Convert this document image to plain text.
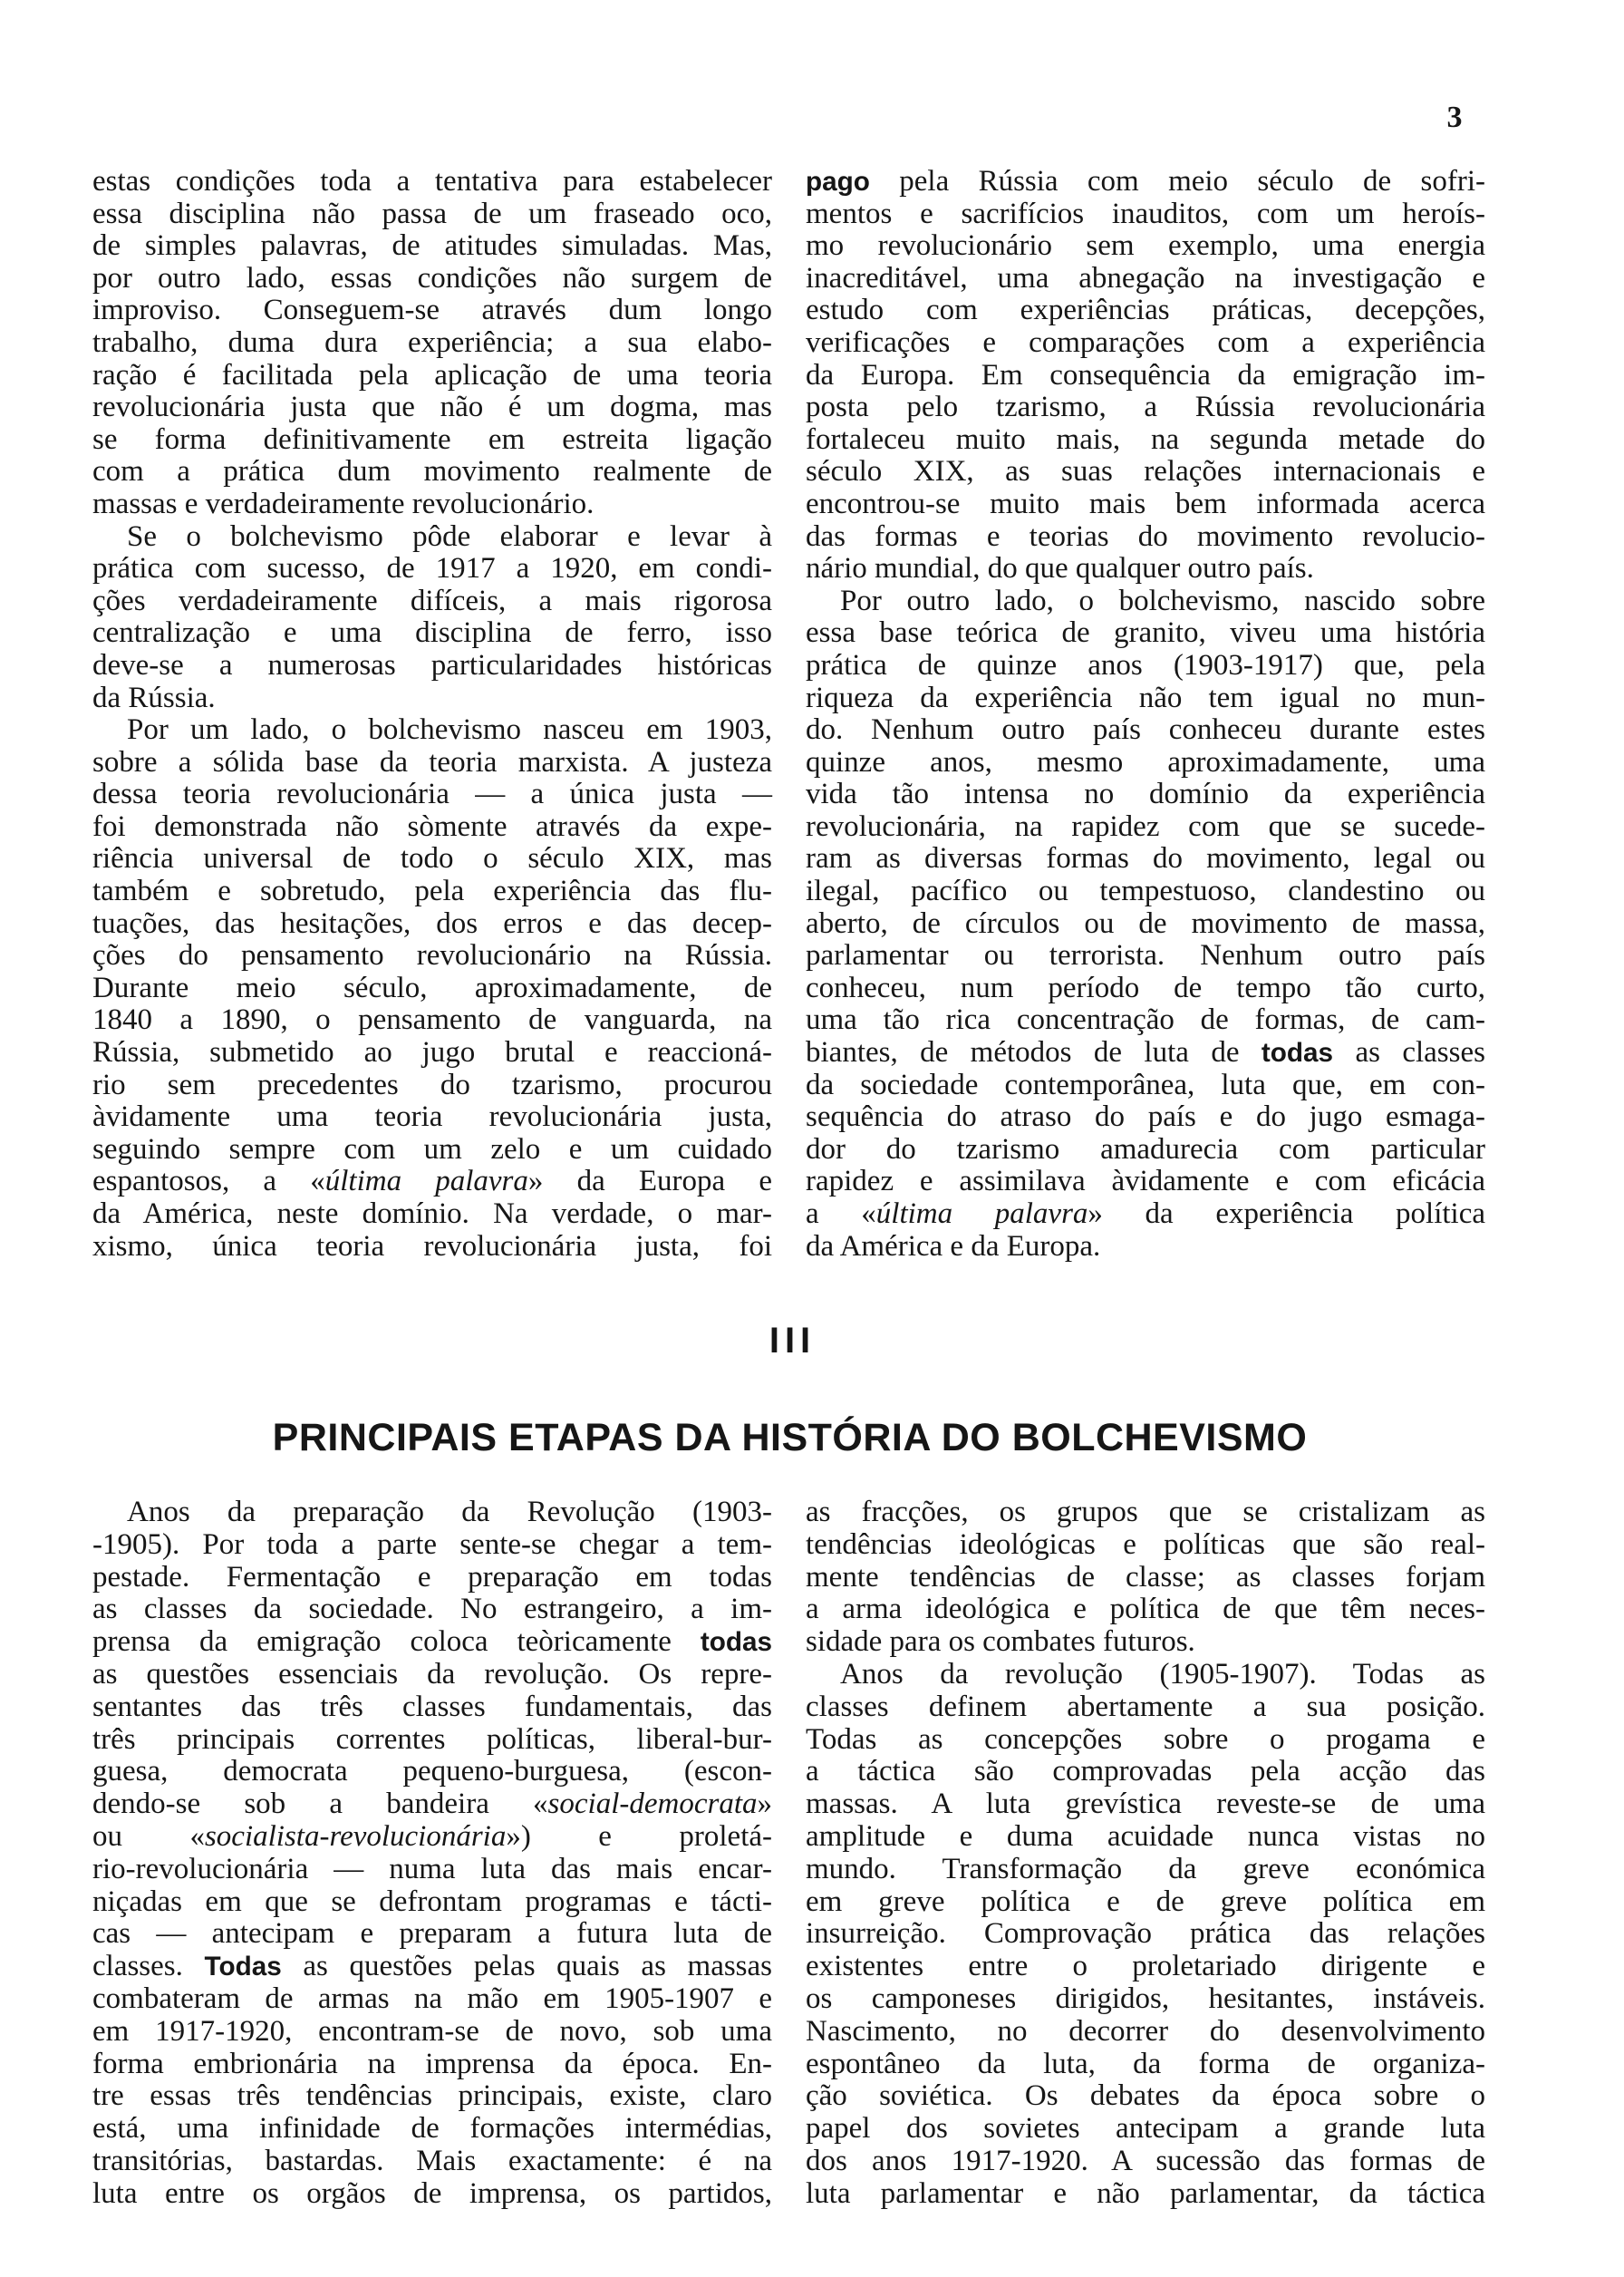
3
estas condições toda a tentativa para estabelecer
essa disciplina não passa de um fraseado oco,
de simples palavras, de atitudes simuladas. Mas,
por outro lado, essas condições não surgem de
improviso. Conseguem-se através dum longo
trabalho, duma dura experiência; a sua elabo-
ração é facilitada pela aplicação de uma teoria
revolucionária justa que não é um dogma, mas
se forma definitivamente em estreita ligação
com a prática dum movimento realmente de
massas e verdadeiramente revolucionário.
Se o bolchevismo pôde elaborar e levar à
prática com sucesso, de 1917 a 1920, em condi-
ções verdadeiramente difíceis, a mais rigorosa
centralização e uma disciplina de ferro, isso
deve-se a numerosas particularidades históricas
da Rússia.
Por um lado, o bolchevismo nasceu em 1903,
sobre a sólida base da teoria marxista. A justeza
dessa teoria revolucionária — a única justa —
foi demonstrada não sòmente através da expe-
riência universal de todo o século XIX, mas
também e sobretudo, pela experiência das flu-
tuações, das hesitações, dos erros e das decep-
ções do pensamento revolucionário na Rússia.
Durante meio século, aproximadamente, de
1840 a 1890, o pensamento de vanguarda, na
Rússia, submetido ao jugo brutal e reaccioná-
rio sem precedentes do tzarismo, procurou
àvidamente uma teoria revolucionária justa,
seguindo sempre com um zelo e um cuidado
espantosos, a «última palavra» da Europa e
da América, neste domínio. Na verdade, o mar-
xismo, única teoria revolucionária justa, foi
pago pela Rússia com meio século de sofri-
mentos e sacrifícios inauditos, com um heroís-
mo revolucionário sem exemplo, uma energia
inacreditável, uma abnegação na investigação e
estudo com experiências práticas, decepções,
verificações e comparações com a experiência
da Europa. Em consequência da emigração im-
posta pelo tzarismo, a Rússia revolucionária
fortaleceu muito mais, na segunda metade do
século XIX, as suas relações internacionais e
encontrou-se muito mais bem informada acerca
das formas e teorias do movimento revolucio-
nário mundial, do que qualquer outro país.
Por outro lado, o bolchevismo, nascido sobre
essa base teórica de granito, viveu uma história
prática de quinze anos (1903-1917) que, pela
riqueza da experiência não tem igual no mun-
do. Nenhum outro país conheceu durante estes
quinze anos, mesmo aproximadamente, uma
vida tão intensa no domínio da experiência
revolucionária, na rapidez com que se sucede-
ram as diversas formas do movimento, legal ou
ilegal, pacífico ou tempestuoso, clandestino ou
aberto, de círculos ou de movimento de massa,
parlamentar ou terrorista. Nenhum outro país
conheceu, num período de tempo tão curto,
uma tão rica concentração de formas, de cam-
biantes, de métodos de luta de todas as classes
da sociedade contemporânea, luta que, em con-
sequência do atraso do país e do jugo esmaga-
dor do tzarismo amadurecia com particular
rapidez e assimilava àvidamente e com eficácia
a «última palavra» da experiência política
da América e da Europa.
III
PRINCIPAIS ETAPAS DA HISTÓRIA DO BOLCHEVISMO
Anos da preparação da Revolução (1903-
-1905). Por toda a parte sente-se chegar a tem-
pestade. Fermentação e preparação em todas
as classes da sociedade. No estrangeiro, a im-
prensa da emigração coloca teòricamente todas
as questões essenciais da revolução. Os repre-
sentantes das três classes fundamentais, das
três principais correntes políticas, liberal-bur-
guesa, democrata pequeno-burguesa, (escon-
dendo-se sob a bandeira «social-democrata»
ou «socialista-revolucionária») e proletá-
rio-revolucionária — numa luta das mais encar-
niçadas em que se defrontam programas e tácti-
cas — antecipam e preparam a futura luta de
classes. Todas as questões pelas quais as massas
combateram de armas na mão em 1905-1907 e
em 1917-1920, encontram-se de novo, sob uma
forma embrionária na imprensa da época. En-
tre essas três tendências principais, existe, claro
está, uma infinidade de formações intermédias,
transitórias, bastardas. Mais exactamente: é na
luta entre os orgãos de imprensa, os partidos,
as fracções, os grupos que se cristalizam as
tendências ideológicas e políticas que são real-
mente tendências de classe; as classes forjam
a arma ideológica e política de que têm neces-
sidade para os combates futuros.
Anos da revolução (1905-1907). Todas as
classes definem abertamente a sua posição.
Todas as concepções sobre o progama e
a táctica são comprovadas pela acção das
massas. A luta grevística reveste-se de uma
amplitude e duma acuidade nunca vistas no
mundo. Transformação da greve económica
em greve política e de greve política em
insurreição. Comprovação prática das relações
existentes entre o proletariado dirigente e
os camponeses dirigidos, hesitantes, instáveis.
Nascimento, no decorrer do desenvolvimento
espontâneo da luta, da forma de organiza-
ção soviética. Os debates da época sobre o
papel dos sovietes antecipam a grande luta
dos anos 1917-1920. A sucessão das formas de
luta parlamentar e não parlamentar, da táctica
